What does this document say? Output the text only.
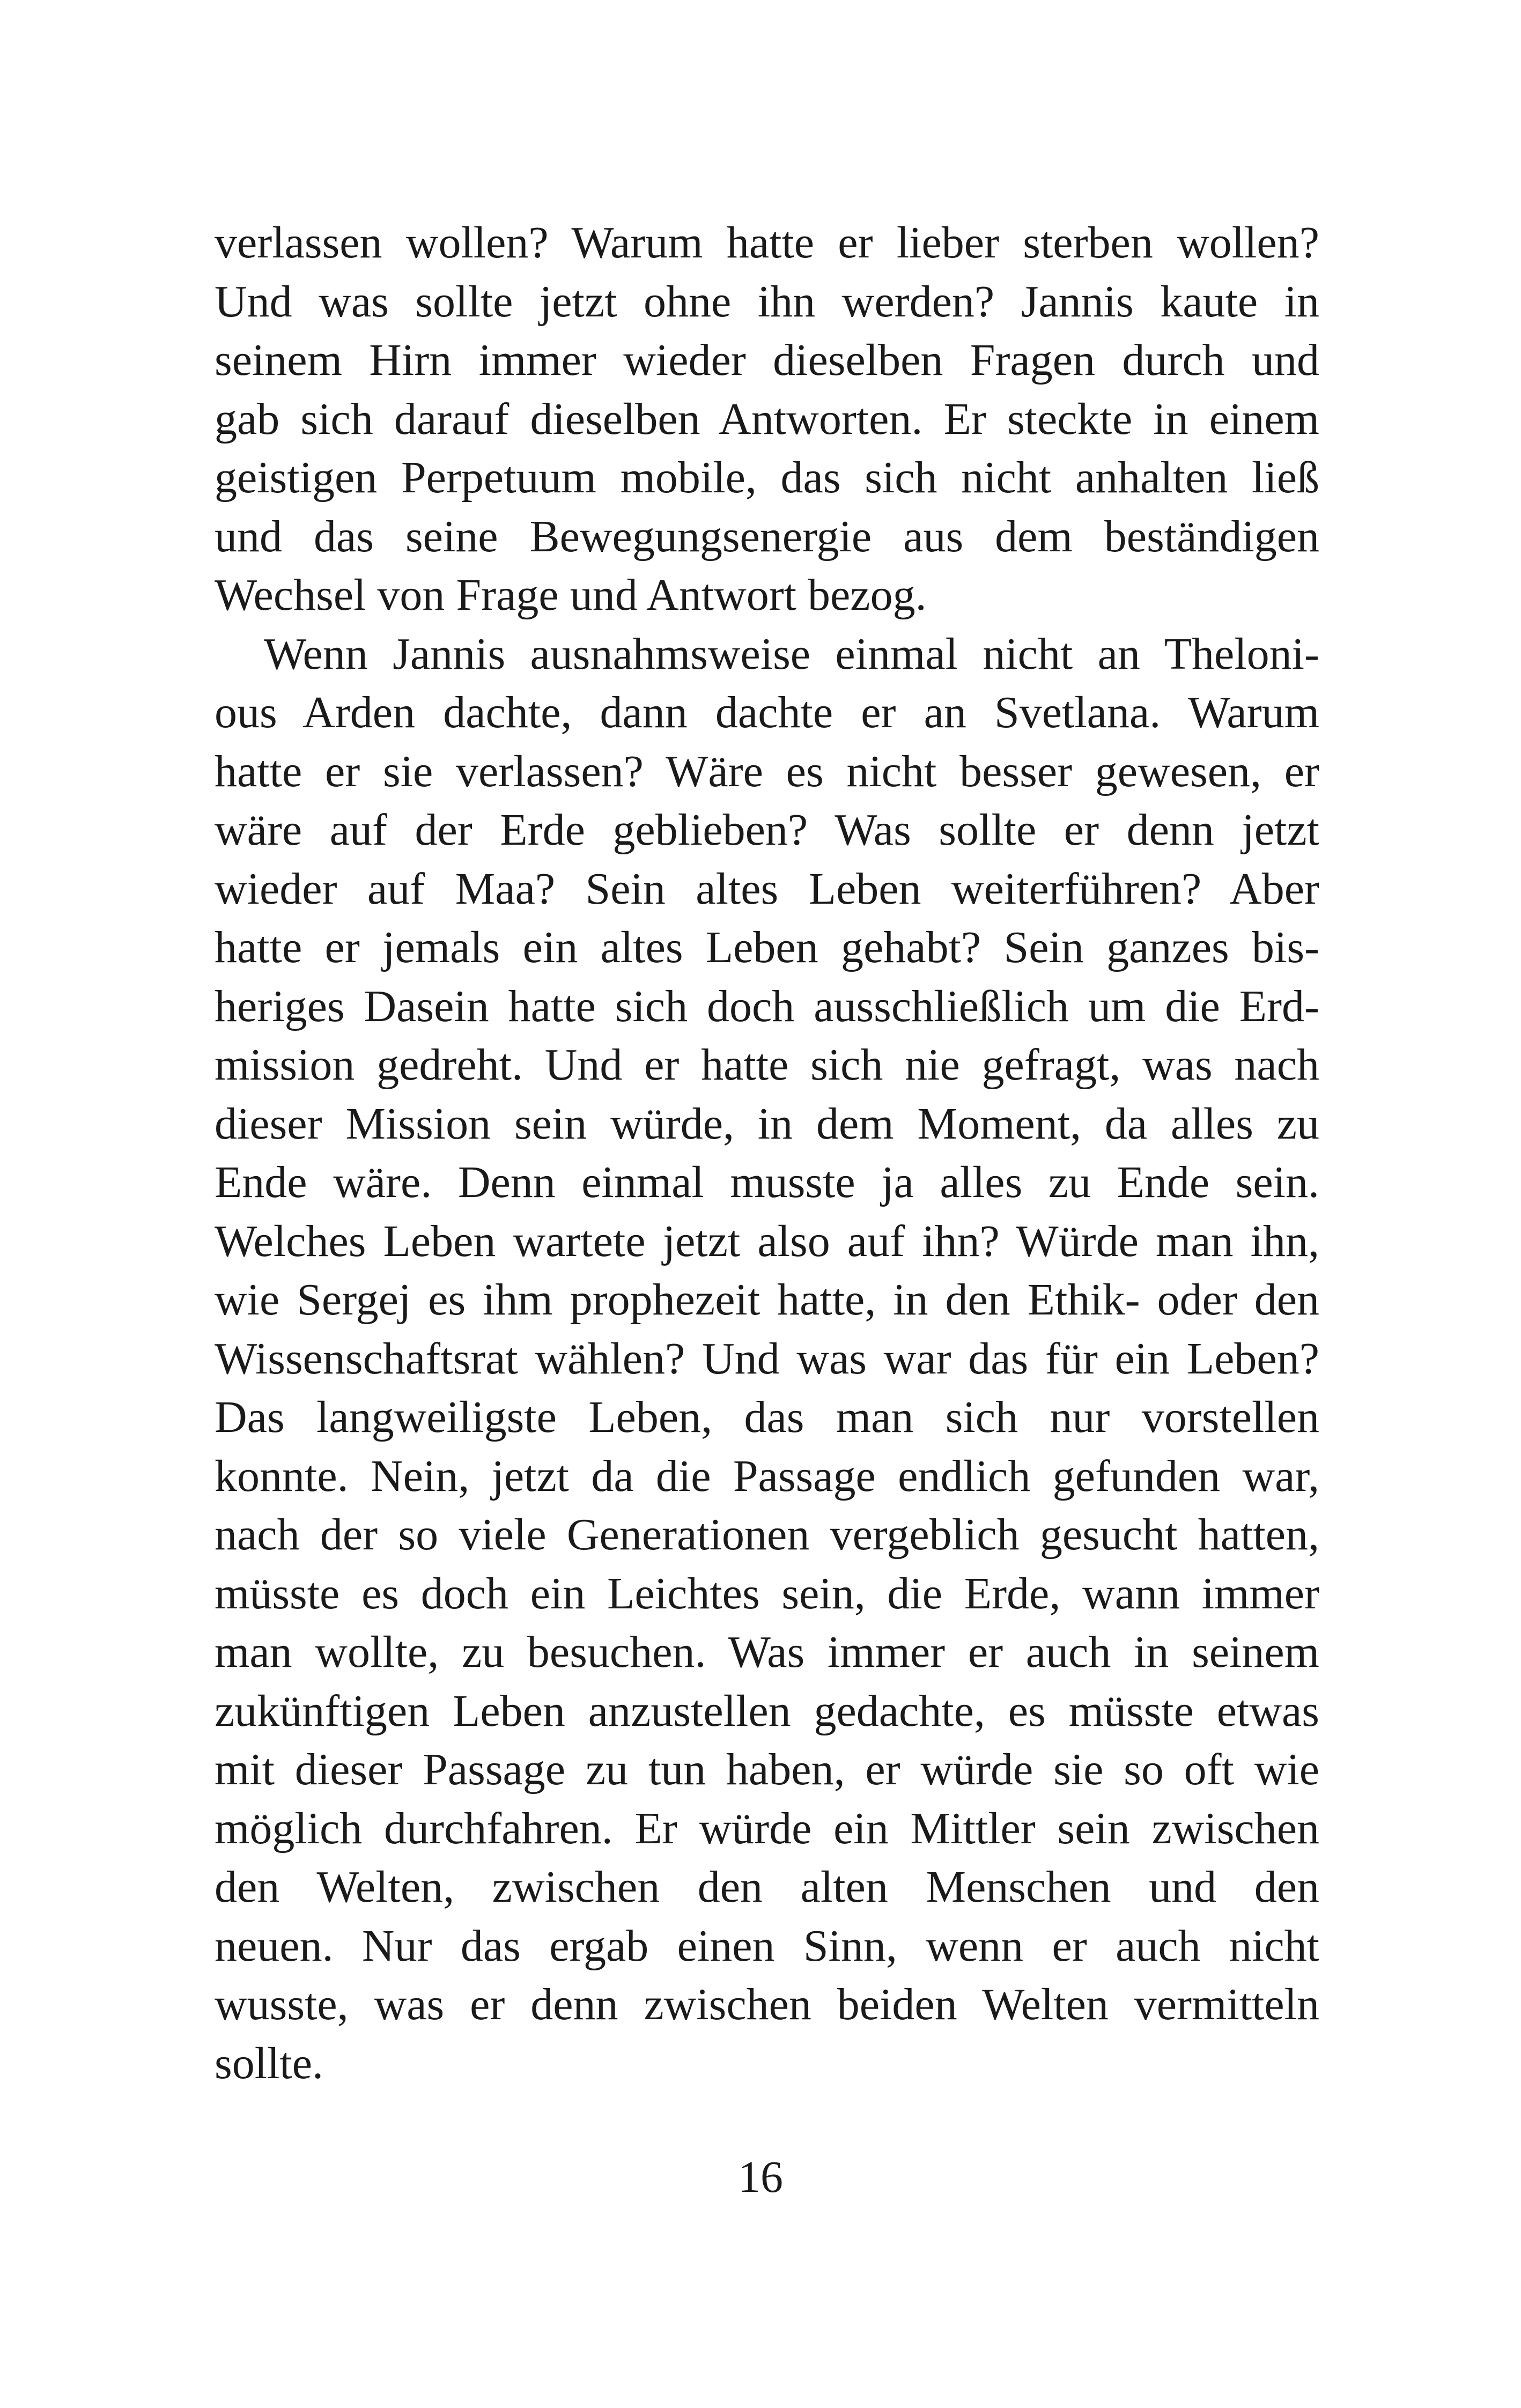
verlassen wollen? Warum hatte er lieber sterben wollen?
Und was sollte jetzt ohne ihn werden? Jannis kaute in
seinem Hirn immer wieder dieselben Fragen durch und
gab sich darauf dieselben Antworten. Er steckte in einem
geistigen Perpetuum mobile, das sich nicht anhalten ließ
und das seine Bewegungsenergie aus dem beständigen
Wechsel von Frage und Antwort bezog.
Wenn Jannis ausnahmsweise einmal nicht an Theloni-
ous Arden dachte, dann dachte er an Svetlana. Warum
hatte er sie verlassen? Wäre es nicht besser gewesen, er
wäre auf der Erde geblieben? Was sollte er denn jetzt
wieder auf Maa? Sein altes Leben weiterführen? Aber
hatte er jemals ein altes Leben gehabt? Sein ganzes bis-
heriges Dasein hatte sich doch ausschließlich um die Erd-
mission gedreht. Und er hatte sich nie gefragt, was nach
dieser Mission sein würde, in dem Moment, da alles zu
Ende wäre. Denn einmal musste ja alles zu Ende sein.
Welches Leben wartete jetzt also auf ihn? Würde man ihn,
wie Sergej es ihm prophezeit hatte, in den Ethik- oder den
Wissenschaftsrat wählen? Und was war das für ein Leben?
Das langweiligste Leben, das man sich nur vorstellen
konnte. Nein, jetzt da die Passage endlich gefunden war,
nach der so viele Generationen vergeblich gesucht hatten,
müsste es doch ein Leichtes sein, die Erde, wann immer
man wollte, zu besuchen. Was immer er auch in seinem
zukünftigen Leben anzustellen gedachte, es müsste etwas
mit dieser Passage zu tun haben, er würde sie so oft wie
möglich durchfahren. Er würde ein Mittler sein zwischen
den Welten, zwischen den alten Menschen und den
neuen. Nur das ergab einen Sinn, wenn er auch nicht
wusste, was er denn zwischen beiden Welten vermitteln
sollte.
16
